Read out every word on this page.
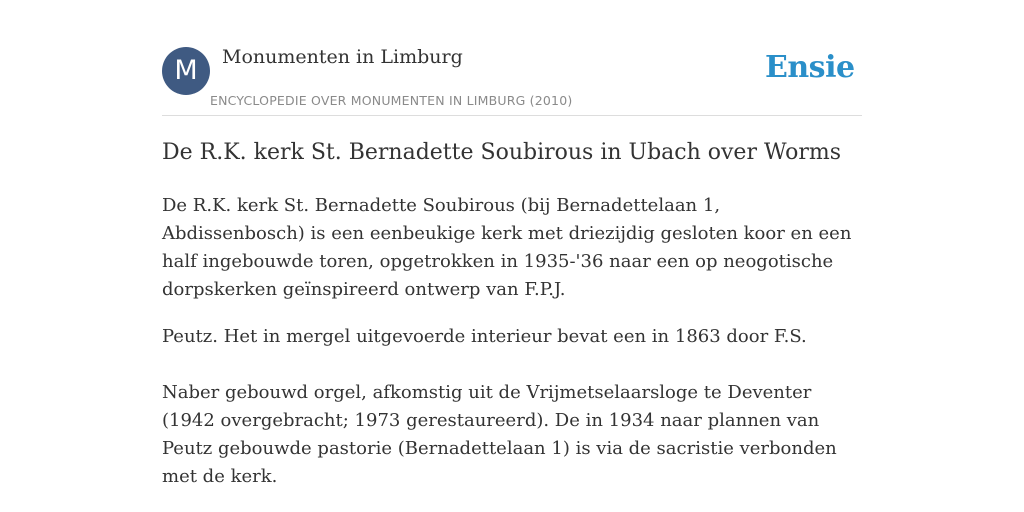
M	Monumenten in Limburg
ENCYCLOPEDIE OVER MONUMENTEN IN LIMBURG (2010)
Ensie
De R.K. kerk St. Bernadette Soubirous in Ubach over Worms

De R.K. kerk St. Bernadette Soubirous (bij Bernadettelaan 1, Abdissenbosch) is een eenbeukige kerk met driezijdig gesloten koor en een half ingebouwde toren, opgetrokken in 1935-'36 naar een op neogotische dorpskerken geïnspireerd ontwerp van F.P.J.

Peutz. Het in mergel uitgevoerde interieur bevat een in 1863 door F.S.

Naber gebouwd orgel, afkomstig uit de Vrijmetselaarsloge te Deventer (1942 overgebracht; 1973 gerestaureerd). De in 1934 naar plannen van Peutz gebouwde pastorie (Bernadettelaan 1) is via de sacristie verbonden met de kerk.
